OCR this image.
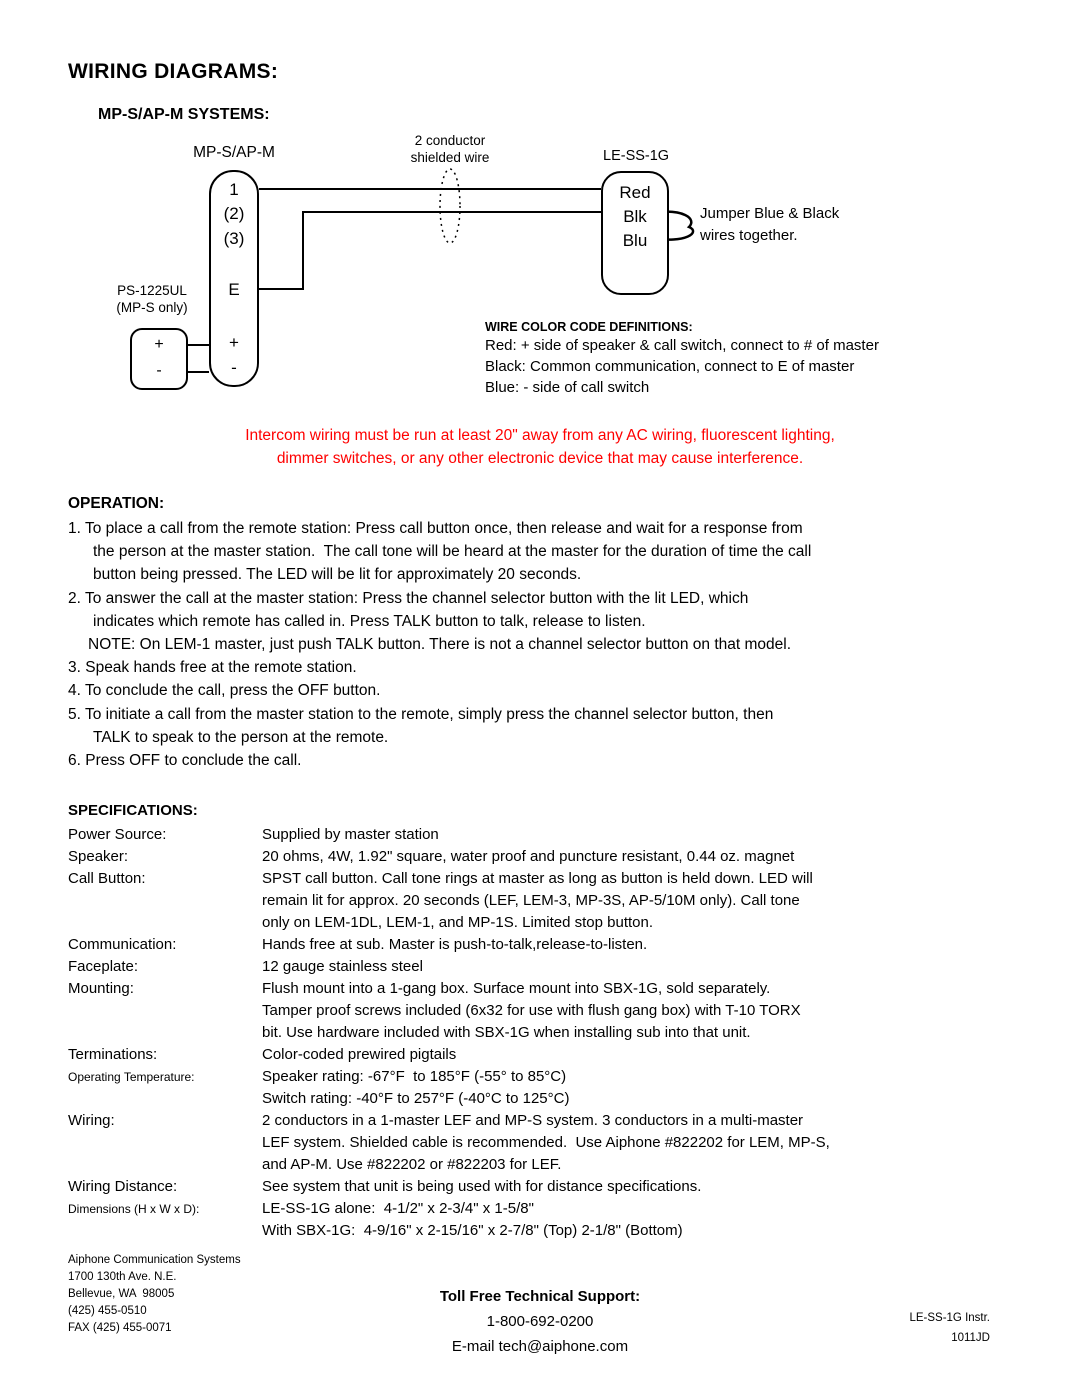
WIRING DIAGRAMS:
MP-S/AP-M SYSTEMS:
MP-S/AP-M
1
(2)
(3)
E
+
-
2 conductor
shielded wire	LE-SS-1G
Red
Blk
Blu
Jumper Blue & Black
wires together.
PS-1225UL
(MP-S only)
+
-
WIRE COLOR CODE DEFINITIONS:
Red: + side of speaker & call switch, connect to # of master
Black: Common communication, connect to E of master
Blue: - side of call switch
Intercom wiring must be run at least 20" away from any AC wiring, fluorescent lighting,
dimmer switches, or any other electronic device that may cause interference.
OPERATION:
1. To place a call from the remote station: Press call button once, then release and wait for a response from
the person at the master station.  The call tone will be heard at the master for the duration of time the call
button being pressed. The LED will be lit for approximately 20 seconds.
2. To answer the call at the master station: Press the channel selector button with the lit LED, which
indicates which remote has called in. Press TALK button to talk, release to listen.
NOTE: On LEM-1 master, just push TALK button. There is not a channel selector button on that model.
3. Speak hands free at the remote station.
4. To conclude the call, press the OFF button.
5. To initiate a call from the master station to the remote, simply press the channel selector button, then
TALK to speak to the person at the remote.
6. Press OFF to conclude the call.
SPECIFICATIONS:
Power Source:	Supplied by master station
Speaker:	20 ohms, 4W, 1.92" square, water proof and puncture resistant, 0.44 oz. magnet
Call Button:	SPST call button. Call tone rings at master as long as button is held down. LED will
remain lit for approx. 20 seconds (LEF, LEM-3, MP-3S, AP-5/10M only). Call tone
only on LEM-1DL, LEM-1, and MP-1S. Limited stop button.
Communication:	Hands free at sub. Master is push-to-talk,release-to-listen.
Faceplate:	12 gauge stainless steel
Mounting:	Flush mount into a 1-gang box. Surface mount into SBX-1G, sold separately.
Tamper proof screws included (6x32 for use with flush gang box) with T-10 TORX
bit. Use hardware included with SBX-1G when installing sub into that unit.
Terminations:	Color-coded prewired pigtails
Operating Temperature:	Speaker rating: -67°F  to 185°F (-55° to 85°C)
Switch rating: -40°F to 257°F (-40°C to 125°C)
Wiring:	2 conductors in a 1-master LEF and MP-S system. 3 conductors in a multi-master
LEF system. Shielded cable is recommended.  Use Aiphone #822202 for LEM, MP-S,
and AP-M. Use #822202 or #822203 for LEF.
Wiring Distance:	See system that unit is being used with for distance specifications.
Dimensions (H x W x D):	LE-SS-1G alone:  4-1/2" x 2-3/4" x 1-5/8"
With SBX-1G:  4-9/16" x 2-15/16" x 2-7/8" (Top) 2-1/8" (Bottom)
Aiphone Communication Systems
1700 130th Ave. N.E.
Bellevue, WA  98005
(425) 455-0510
FAX (425) 455-0071
Toll Free Technical Support:
1-800-692-0200
E-mail tech@aiphone.com
LE-SS-1G Instr.
1011JD
